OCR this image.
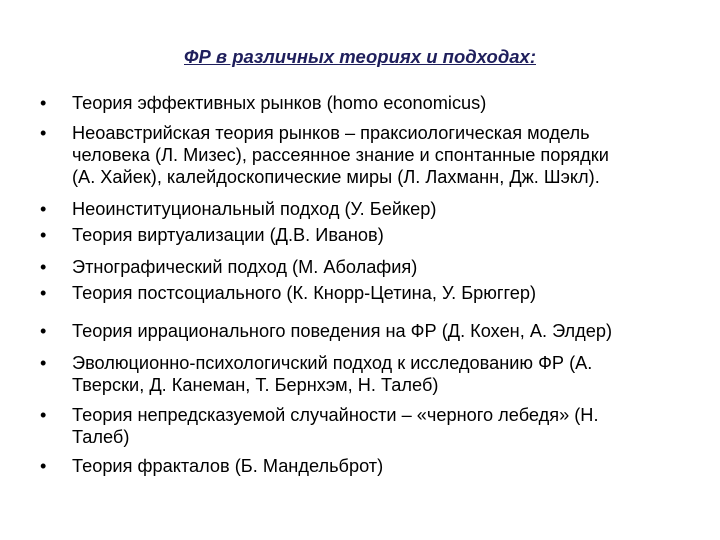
ФР в различных теориях и подходах:
•	Теория эффективных рынков (homo economicus)
•	Неоавстрийская теория рынков – праксиологическая модель
человека (Л. Мизес), рассеянное знание и спонтанные порядки
(А. Хайек), калейдоскопические миры (Л. Лахманн, Дж. Шэкл).
•	Неоинституциональный подход (У. Бейкер)
•	Теория виртуализации (Д.В. Иванов)
•	Этнографический подход (М. Аболафия)
•	Теория постсоциального (К. Кнорр-Цетина, У. Брюггер)
•	Теория иррационального поведения на ФР (Д. Кохен, А. Элдер)
•	Эволюционно-психологичский подход к исследованию ФР (А.
Тверски, Д. Канеман, Т. Бернхэм, Н. Талеб)
•	Теория непредсказуемой случайности – «черного лебедя» (Н.
Талеб)
•	Теория фракталов (Б. Мандельброт)
